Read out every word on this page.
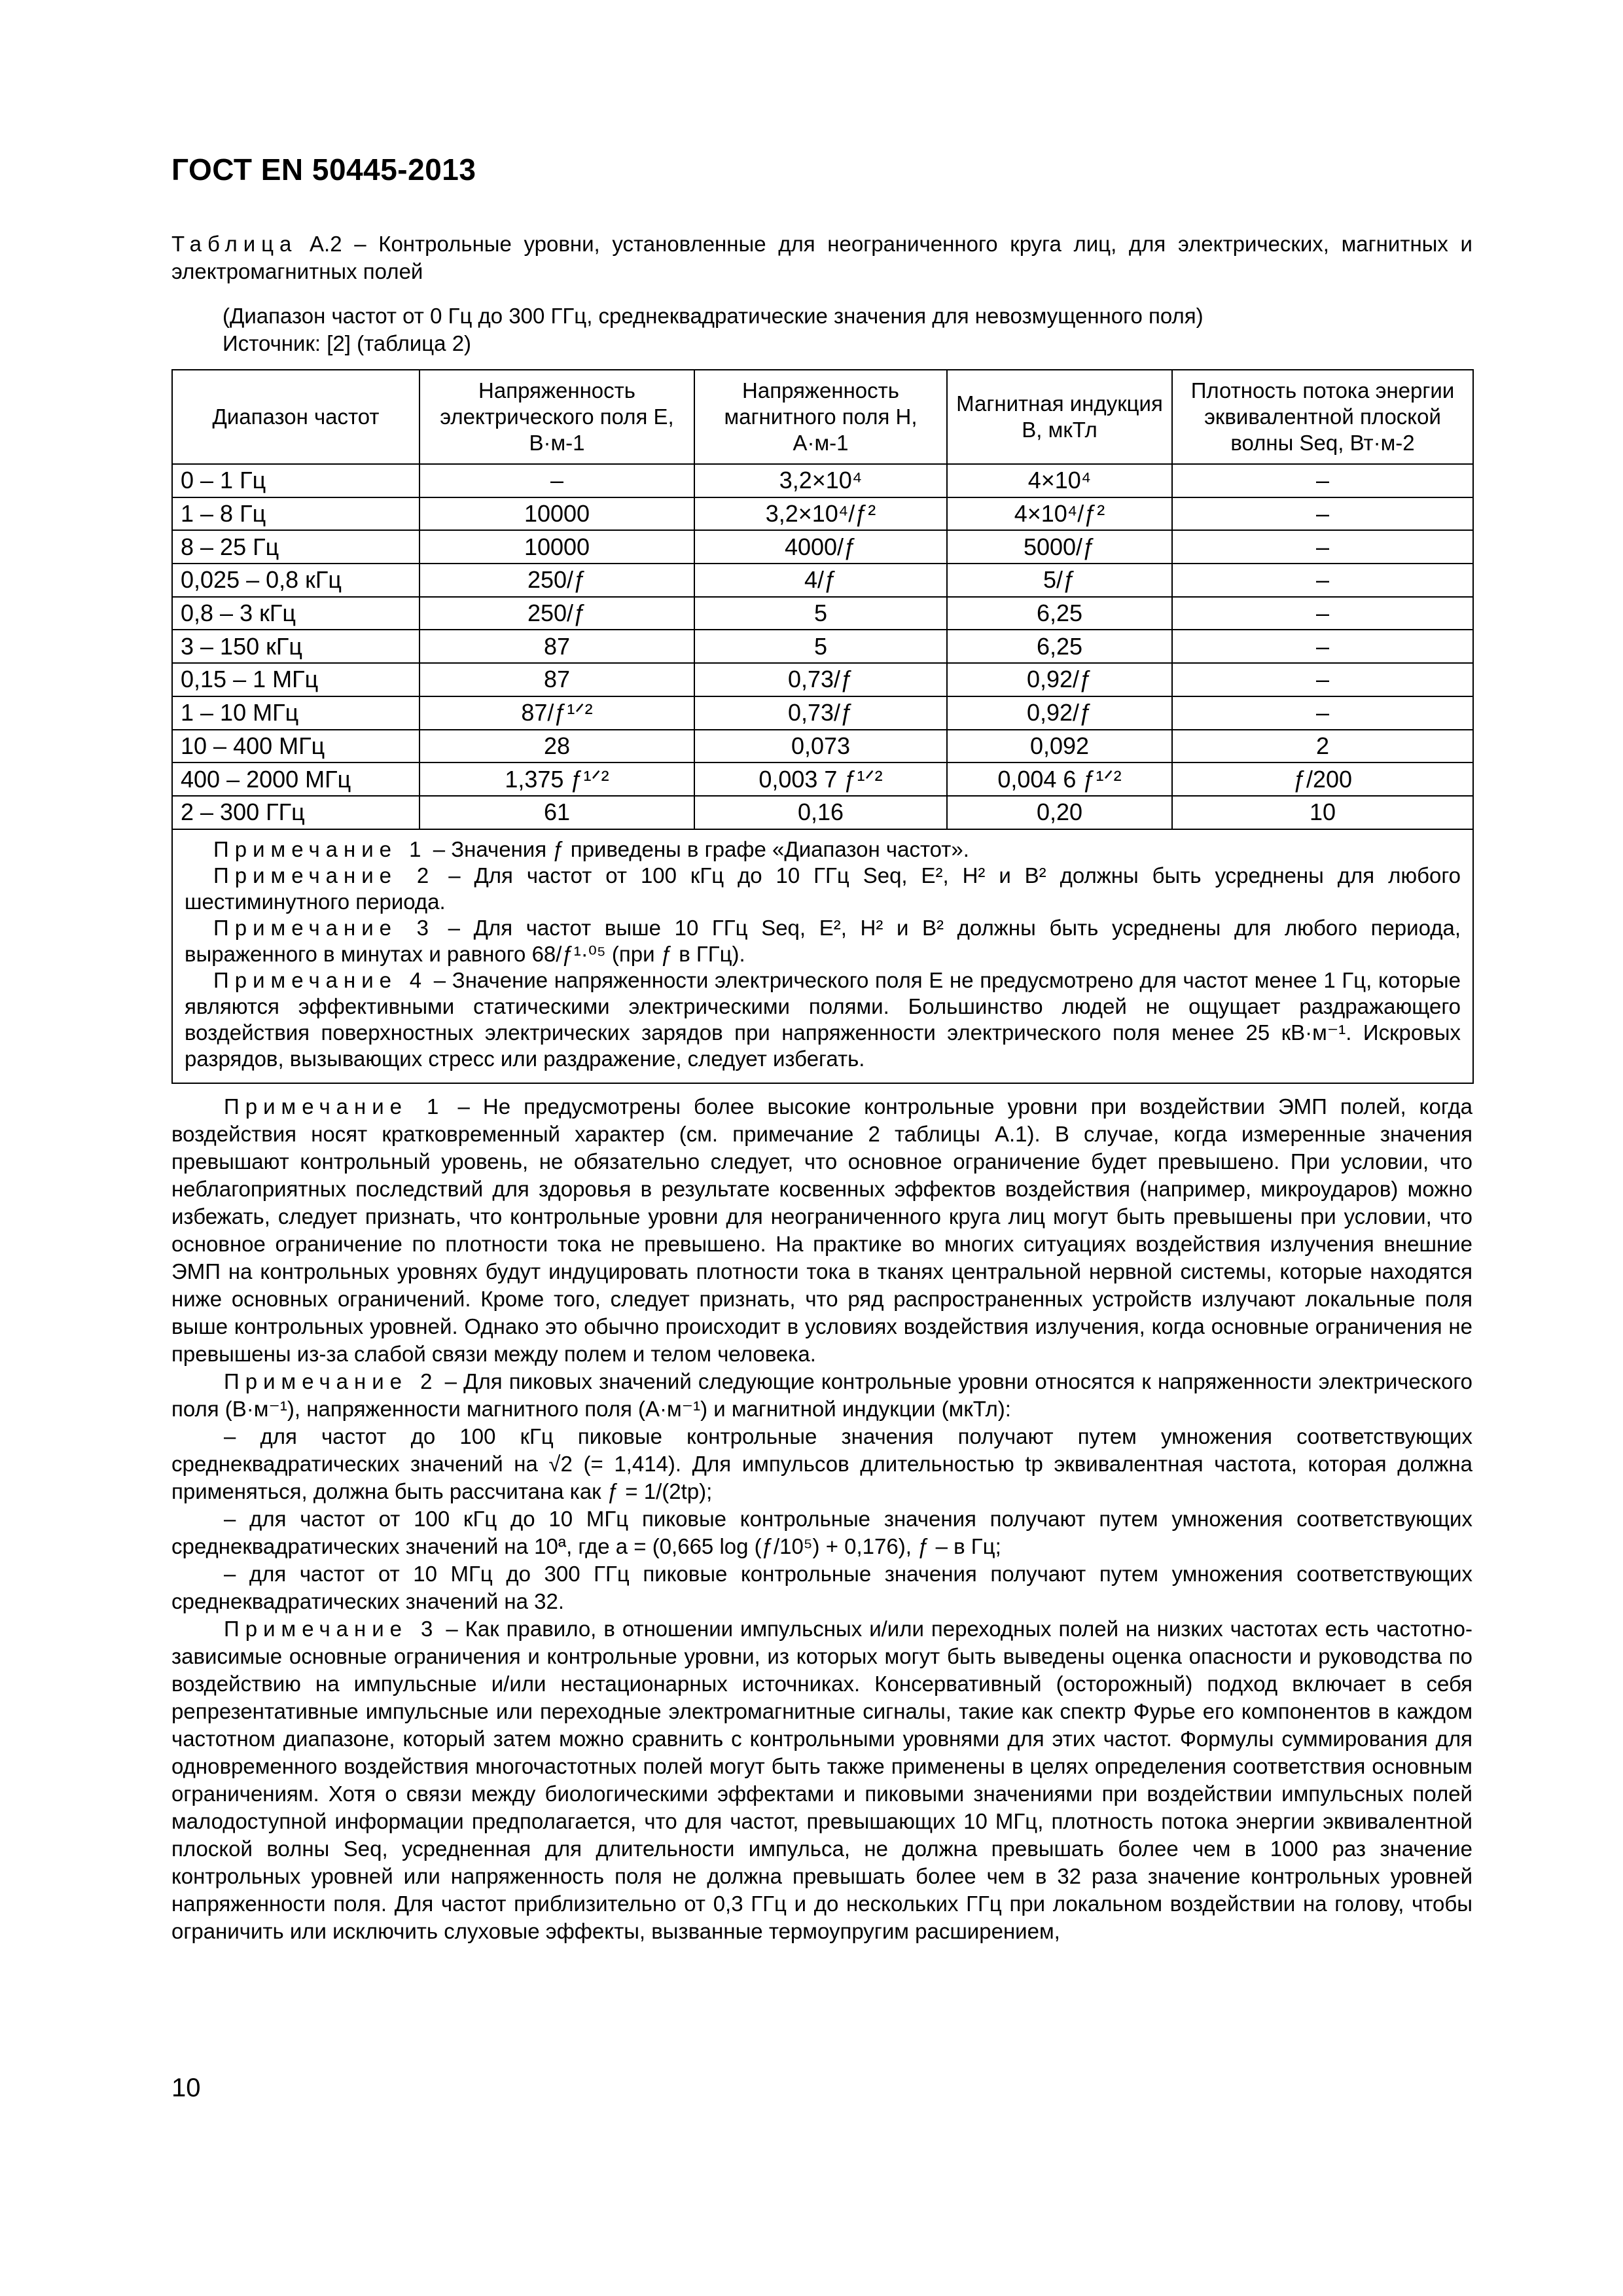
ГОСТ EN 50445-2013
Таблица А.2 – Контрольные уровни, установленные для неограниченного круга лиц, для электрических, магнитных и электромагнитных полей
(Диапазон частот от 0 Гц до 300 ГГц, среднеквадратические значения для невозмущенного поля)
Источник: [2] (таблица 2)
Диапазон частот	Напряженность электрического поля E, В·м-1	Напряженность магнитного поля H, А·м-1	Магнитная индукция B, мкТл	Плотность потока энергии эквивалентной плоской волны Seq, Вт·м-2
0 – 1 Гц	–	3,2×10⁴	4×10⁴	–
1 – 8 Гц	10000	3,2×10⁴/ƒ²	4×10⁴/ƒ²	–
8 – 25 Гц	10000	4000/ƒ	5000/ƒ	–
0,025 – 0,8 кГц	250/ƒ	4/ƒ	5/ƒ	–
0,8 – 3 кГц	250/ƒ	5	6,25	–
3 – 150 кГц	87	5	6,25	–
0,15 – 1 МГц	87	0,73/ƒ	0,92/ƒ	–
1 – 10 МГц	87/ƒ¹ᐟ²	0,73/ƒ	0,92/ƒ	–
10 – 400 МГц	28	0,073	0,092	2
400 – 2000 МГц	1,375 ƒ¹ᐟ²	0,003 7 ƒ¹ᐟ²	0,004 6 ƒ¹ᐟ²	ƒ/200
2 – 300 ГГц	61	0,16	0,20	10

Примечание 1 – Значения ƒ приведены в графе «Диапазон частот».

Примечание 2 – Для частот от 100 кГц до 10 ГГц Seq, E², H² и B² должны быть усреднены для любого шестиминутного периода.

Примечание 3 – Для частот выше 10 ГГц Seq, E², H² и B² должны быть усреднены для любого периода, выраженного в минутах и равного 68/ƒ¹·⁰⁵ (при ƒ в ГГц).

Примечание 4 – Значение напряженности электрического поля E не предусмотрено для частот менее 1 Гц, которые являются эффективными статическими электрическими полями. Большинство людей не ощущает раздражающего воздействия поверхностных электрических зарядов при напряженности электрического поля менее 25 кВ·м⁻¹. Искровых разрядов, вызывающих стресс или раздражение, следует избегать.				

Примечание 1 – Не предусмотрены более высокие контрольные уровни при воздействии ЭМП полей, когда воздействия носят кратковременный характер (см. примечание 2 таблицы А.1). В случае, когда измеренные значения превышают контрольный уровень, не обязательно следует, что основное ограничение будет превышено. При условии, что неблагоприятных последствий для здоровья в результате косвенных эффектов воздействия (например, микроударов) можно избежать, следует признать, что контрольные уровни для неограниченного круга лиц могут быть превышены при условии, что основное ограничение по плотности тока не превышено. На практике во многих ситуациях воздействия излучения внешние ЭМП на контрольных уровнях будут индуцировать плотности тока в тканях центральной нервной системы, которые находятся ниже основных ограничений. Кроме того, следует признать, что ряд распространенных устройств излучают локальные поля выше контрольных уровней. Однако это обычно происходит в условиях воздействия излучения, когда основные ограничения не превышены из-за слабой связи между полем и телом человека.

Примечание 2 – Для пиковых значений следующие контрольные уровни относятся к напряженности электрического поля (В·м⁻¹), напряженности магнитного поля (А·м⁻¹) и магнитной индукции (мкТл):

– для частот до 100 кГц пиковые контрольные значения получают путем умножения соответствующих среднеквадратических значений на √2 (= 1,414). Для импульсов длительностью tp эквивалентная частота, которая должна применяться, должна быть рассчитана как ƒ = 1/(2tp);

– для частот от 100 кГц до 10 МГц пиковые контрольные значения получают путем умножения соответствующих среднеквадратических значений на 10ª, где a = (0,665 log (ƒ/10⁵) + 0,176), ƒ – в Гц;

– для частот от 10 МГц до 300 ГГц пиковые контрольные значения получают путем умножения соответствующих среднеквадратических значений на 32.

Примечание 3 – Как правило, в отношении импульсных и/или переходных полей на низких частотах есть частотно-зависимые основные ограничения и контрольные уровни, из которых могут быть выведены оценка опасности и руководства по воздействию на импульсные и/или нестационарных источниках. Консервативный (осторожный) подход включает в себя репрезентативные импульсные или переходные электромагнитные сигналы, такие как спектр Фурье его компонентов в каждом частотном диапазоне, который затем можно сравнить с контрольными уровнями для этих частот. Формулы суммирования для одновременного воздействия многочастотных полей могут быть также применены в целях определения соответствия основным ограничениям. Хотя о связи между биологическими эффектами и пиковыми значениями при воздействии импульсных полей малодоступной информации предполагается, что для частот, превышающих 10 МГц, плотность потока энергии эквивалентной плоской волны Seq, усредненная для длительности импульса, не должна превышать более чем в 1000 раз значение контрольных уровней или напряженность поля не должна превышать более чем в 32 раза значение контрольных уровней напряженности поля. Для частот приблизительно от 0,3 ГГц и до нескольких ГГц при локальном воздействии на голову, чтобы ограничить или исключить слуховые эффекты, вызванные термоупругим расширением,

10
